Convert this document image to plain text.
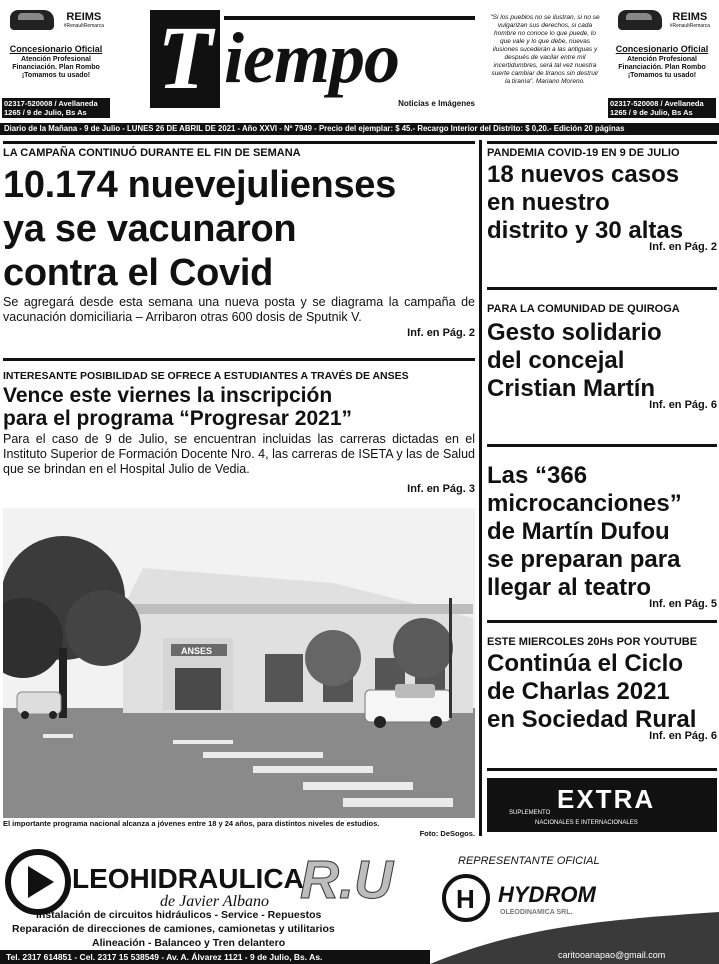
REIMS
#RenaultRemarca
Concesionario Oficial
Atención Profesional
Financiación. Plan Rombo
¡Tomamos tu usado!
02317-520008 / Avellaneda
1265 / 9 de Julio, Bs As
T iempo
Noticias e Imágenes
"Si los pueblos no se ilustran, si no se vulgarizan sus derechos, si cada hombre no conoce lo que puede, lo que vale y lo que debe, nuevas ilusiones sucederán a las antiguas y después de vacilar entre mil incertidumbres, será tal vez nuestra suerte cambiar de tiranos sin destruir la tiranía". Mariano Moreno.
REIMS
#RenaultRemarca
Concesionario Oficial
Atención Profesional
Financiación. Plan Rombo
¡Tomamos tu usado!
02317-520008 / Avellaneda
1265 / 9 de Julio, Bs As
Diario de la Mañana - 9 de Julio - LUNES 26 DE ABRIL DE 2021 - Año XXVI - Nº 7949 - Precio del ejemplar: $ 45.- Recargo Interior del Distrito: $ 0,20.- Edición 20 páginas
LA CAMPAÑA CONTINUÓ DURANTE EL FIN DE SEMANA
10.174 nuevejulienses
ya se vacunaron
contra el Covid
Se agregará desde esta semana una nueva posta y se diagrama la campaña de vacunación domiciliaria – Arribaron otras 600 dosis de Sputnik V.
Inf. en Pág. 2
INTERESANTE POSIBILIDAD SE OFRECE A ESTUDIANTES A TRAVÉS DE ANSES
Vence este viernes la inscripción
para el programa “Progresar 2021”
Para el caso de 9 de Julio, se encuentran incluidas las carreras dictadas en el Instituto Superior de Formación Docente Nro. 4, las carreras de ISETA y las de Salud que se brindan en el Hospital Julio de Vedia.
Inf. en Pág. 3
ANSES
El importante programa nacional alcanza a jóvenes entre 18 y 24 años, para distintos niveles de estudios.
Foto: DeSogos.
PANDEMIA COVID-19 EN 9 DE JULIO
18 nuevos casos
en nuestro
distrito y 30 altas
Inf. en Pág. 2
PARA LA COMUNIDAD DE QUIROGA
Gesto solidario
del concejal
Cristian Martín
Inf. en Pág. 6
Las “366
microcanciones”
de Martín Dufou
se preparan para
llegar al teatro
Inf. en Pág. 5
ESTE MIERCOLES 20Hs POR YOUTUBE
Continúa el Ciclo
de Charlas 2021
en Sociedad Rural
Inf. en Pág. 6
EXTRA
SUPLEMENTO
NACIONALES E INTERNACIONALES
LEOHIDRAULICA
R.U
de Javier Albano
REPRESENTANTE OFICIAL
H HYDROM
OLEODINAMICA SRL.
Instalación de circuitos hidráulicos - Service - Repuestos
Reparación de direcciones de camiones, camionetas y utilitarios
Alineación - Balanceo y Tren delantero
Tel. 2317 614851 - Cel. 2317 15 538549 - Av. A. Álvarez 1121 - 9 de Julio, Bs. As.	caritooanapao@gmail.com
